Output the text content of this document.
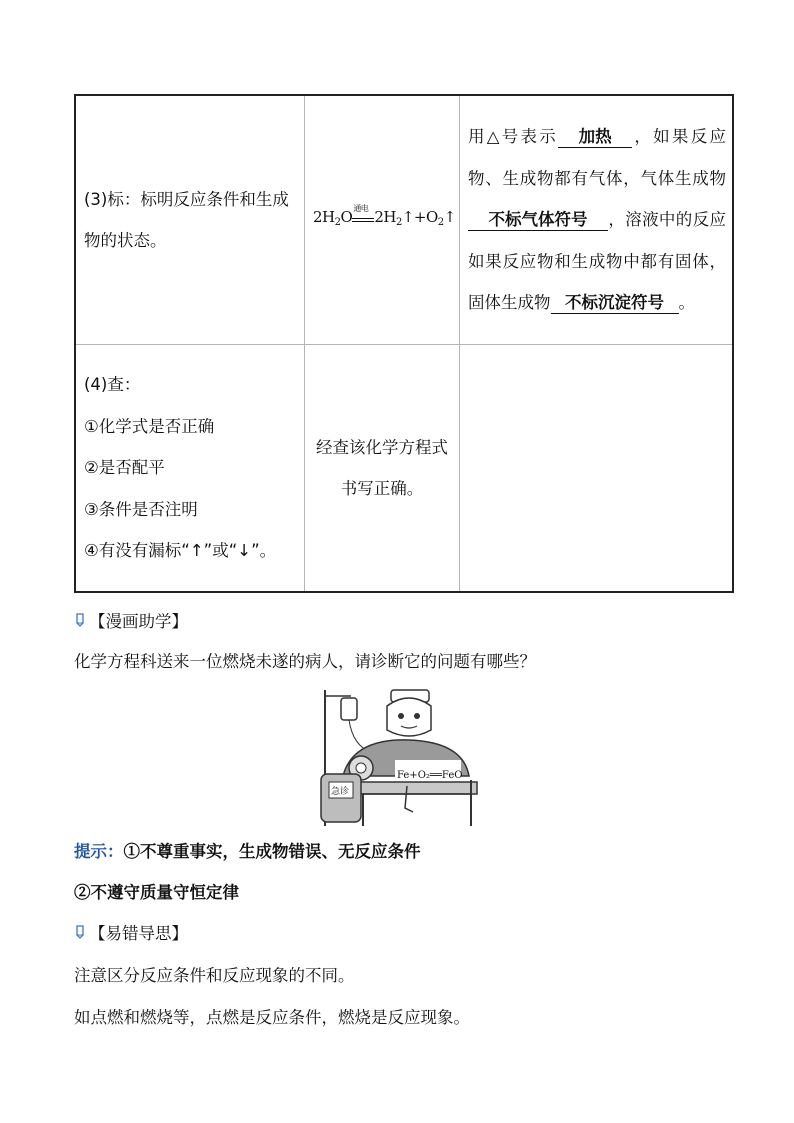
(3)标：标明反应条件和生成物的状态。	$2H_2O$ 通电 $2H_2↑+O_2↑$	用△号表示 加热 ，如果反应物、生成物都有气体，气体生成物不标气体符号 ，溶液中的反应如果反应物和生成物中都有固体，固体生成物 不标沉淀符号 。

(4)查：
①化学式是否正确
②是否配平
③条件是否注明
④有没有漏标“↑”或“↓”。	经查该化学方程式书写正确。	
【漫画助学】

化学方程科送来一位燃烧未遂的病人，请诊断它的问题有哪些？

Fe+O₂══FeO
急诊

提示：①不尊重事实，生成物错误、无反应条件

②不遵守质量守恒定律

【易错导思】

注意区分反应条件和反应现象的不同。

如点燃和燃烧等，点燃是反应条件，燃烧是反应现象。
